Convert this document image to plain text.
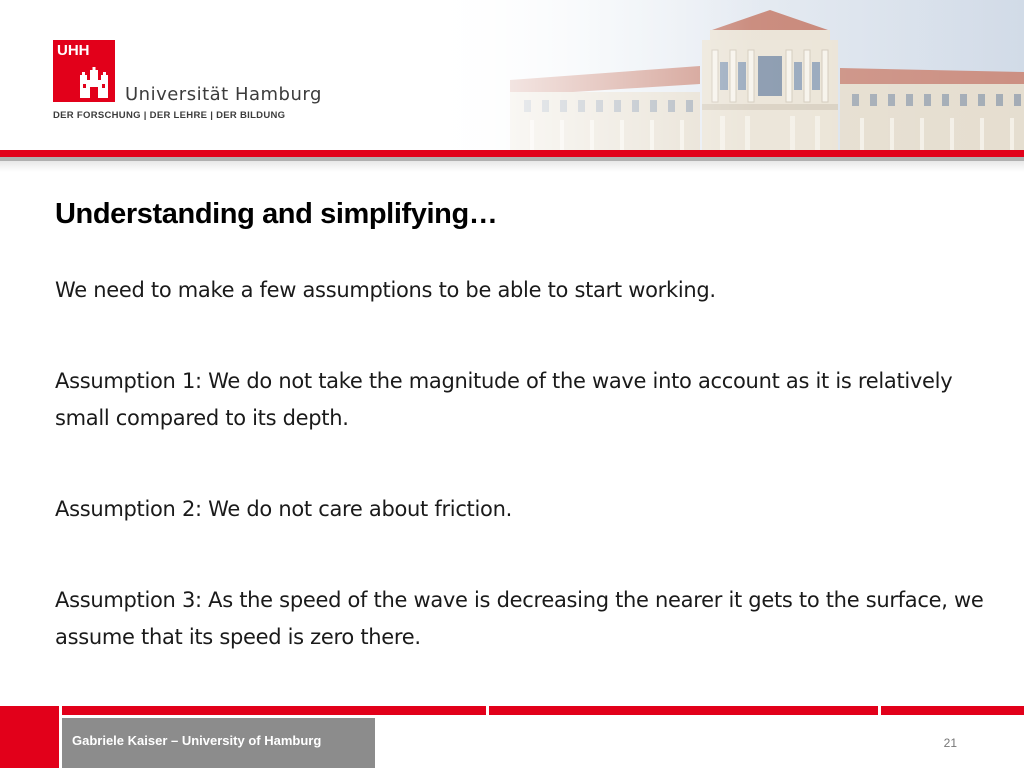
UHH
Universität Hamburg
DER FORSCHUNG | DER LEHRE | DER BILDUNG
Understanding and simplifying…

We need to make a few assumptions to be able to start working.

Assumption 1: We do not take the magnitude of the wave into account as it is relatively small compared to its depth.

Assumption 2: We do not care about friction.

Assumption 3: As the speed of the wave is decreasing the nearer it gets to the surface, we assume that its speed is zero there.

Gabriele Kaiser – University of Hamburg	21
